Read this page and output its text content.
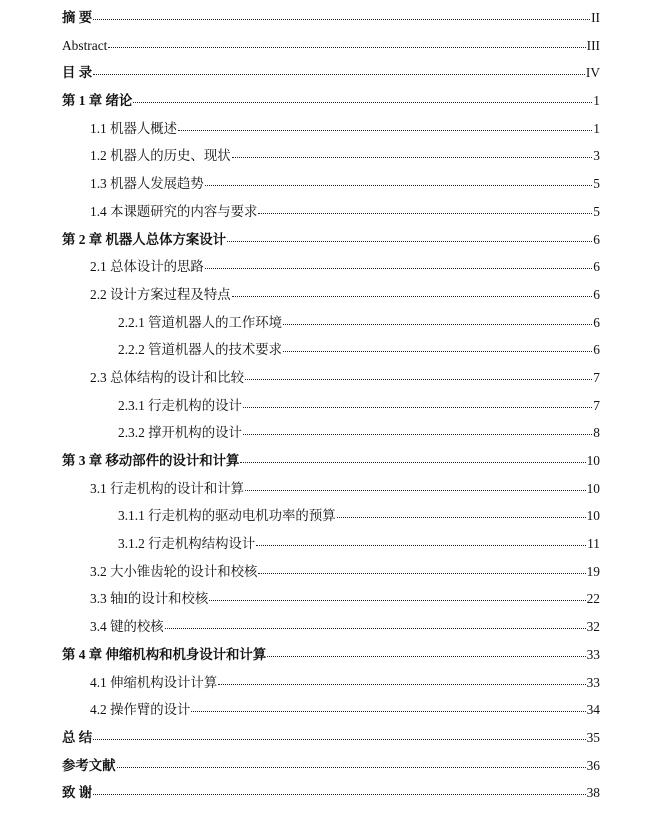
摘 要	II
Abstract	III
目 录	IV
第 1 章 绪论	1
1.1 机器人概述	1
1.2 机器人的历史、现状	3
1.3 机器人发展趋势	5
1.4 本课题研究的内容与要求	5
第 2 章 机器人总体方案设计	6
2.1 总体设计的思路	6
2.2 设计方案过程及特点	6
2.2.1 管道机器人的工作环境	6
2.2.2 管道机器人的技术要求	6
2.3 总体结构的设计和比较	7
2.3.1 行走机构的设计	7
2.3.2 撑开机构的设计	8
第 3 章 移动部件的设计和计算	10
3.1 行走机构的设计和计算	10
3.1.1 行走机构的驱动电机功率的预算	10
3.1.2 行走机构结构设计	11
3.2 大小锥齿轮的设计和校核	19
3.3 轴I的设计和校核	22
3.4 键的校核	32
第 4 章 伸缩机构和机身设计和计算	33
4.1 伸缩机构设计计算	33
4.2 操作臂的设计	34
总 结	35
参考文献	36
致 谢	38
